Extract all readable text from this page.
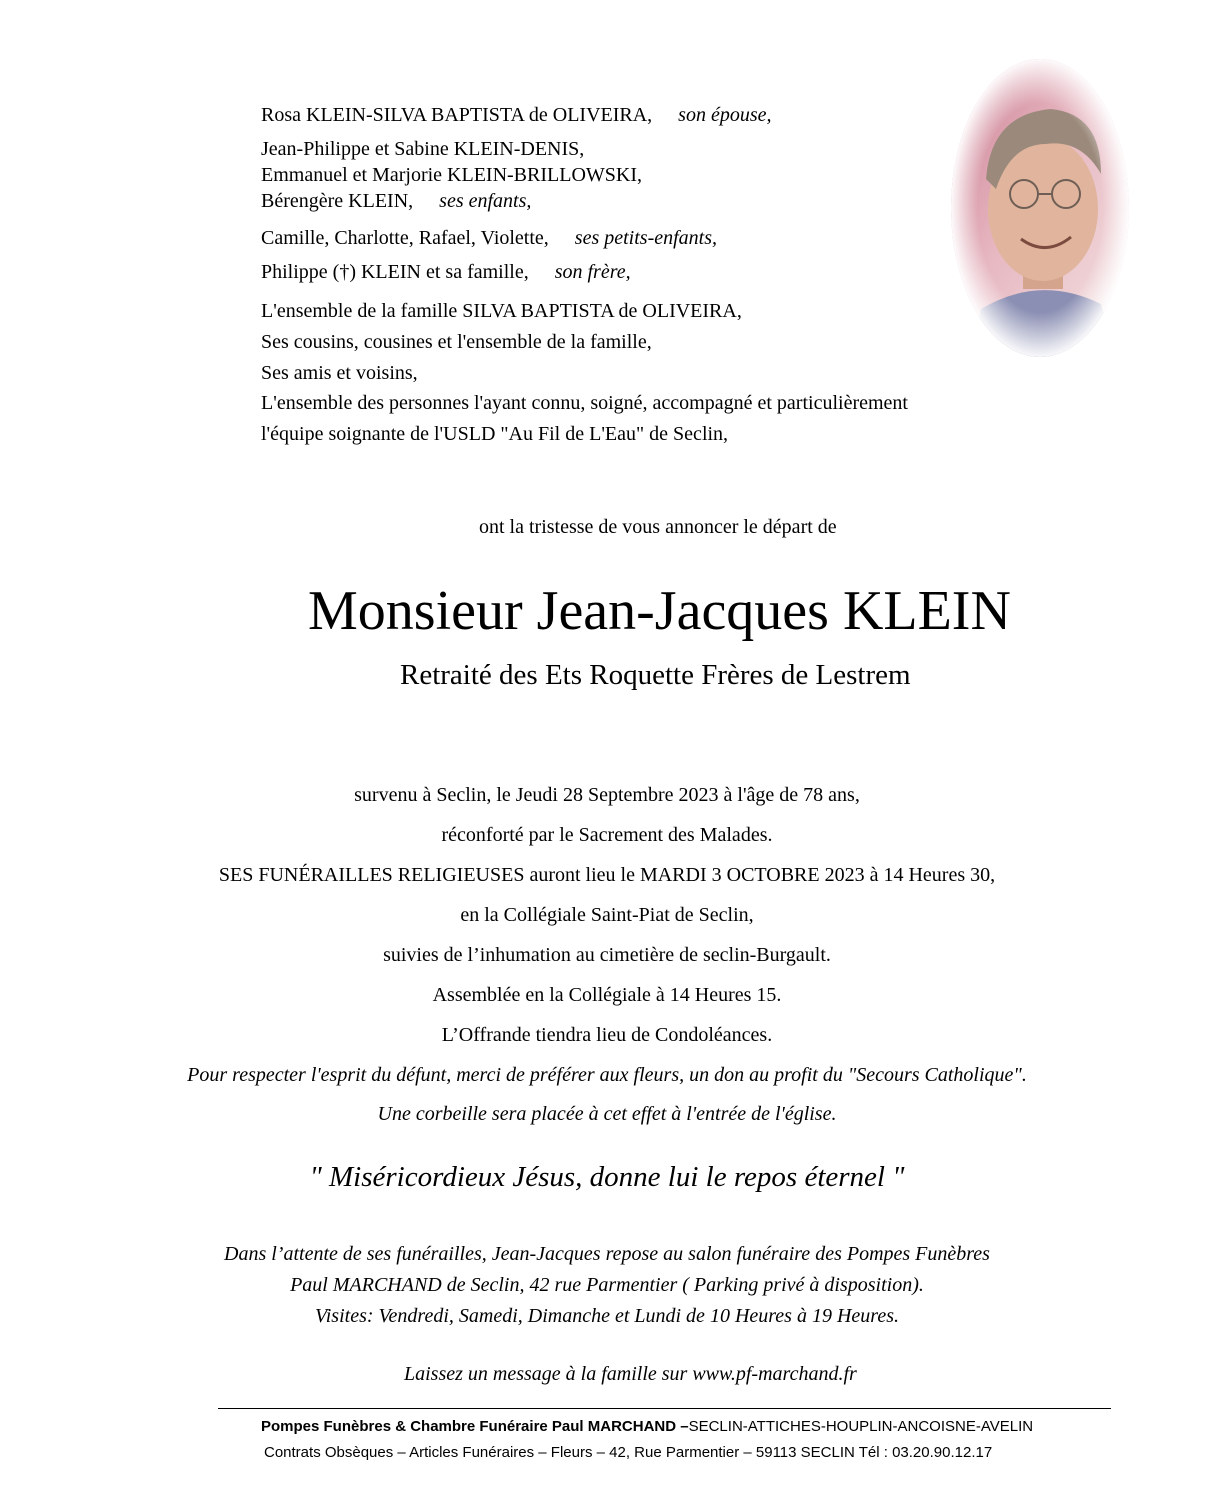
Rosa KLEIN-SILVA BAPTISTA de OLIVEIRA, son épouse,
Jean-Philippe et Sabine KLEIN-DENIS,
Emmanuel et Marjorie KLEIN-BRILLOWSKI,
Bérengère KLEIN, ses enfants,
Camille, Charlotte, Rafael, Violette, ses petits-enfants,
Philippe (†) KLEIN et sa famille, son frère,
L'ensemble de la famille SILVA BAPTISTA de OLIVEIRA,
Ses cousins, cousines et l'ensemble de la famille,
Ses amis et voisins,
L'ensemble des personnes l'ayant connu, soigné, accompagné et particulièrement
l'équipe soignante de l'USLD "Au Fil de L'Eau" de Seclin,
ont la tristesse de vous annoncer le départ de
Monsieur Jean-Jacques KLEIN
Retraité des Ets Roquette Frères de Lestrem
survenu à Seclin, le Jeudi 28 Septembre 2023 à l'âge de 78 ans,
réconforté par le Sacrement des Malades.
SES FUNÉRAILLES RELIGIEUSES auront lieu le MARDI 3 OCTOBRE 2023 à 14 Heures 30,
en la Collégiale Saint-Piat de Seclin,
suivies de l’inhumation au cimetière de seclin-Burgault.
Assemblée en la Collégiale à 14 Heures 15.
L’Offrande tiendra lieu de Condoléances.
Pour respecter l'esprit du défunt, merci de préférer aux fleurs, un don au profit du "Secours Catholique".
Une corbeille sera placée à cet effet à l'entrée de l'église.
" Miséricordieux Jésus, donne lui le repos éternel "
Dans l’attente de ses funérailles, Jean-Jacques repose au salon funéraire des Pompes Funèbres
Paul MARCHAND de Seclin, 42 rue Parmentier ( Parking privé à disposition).
Visites: Vendredi, Samedi, Dimanche et Lundi de 10 Heures à 19 Heures.
Laissez un message à la famille sur www.pf-marchand.fr
Pompes Funèbres & Chambre Funéraire Paul MARCHAND –SECLIN-ATTICHES-HOUPLIN-ANCOISNE-AVELIN
Contrats Obsèques – Articles Funéraires – Fleurs – 42, Rue Parmentier – 59113 SECLIN Tél : 03.20.90.12.17
